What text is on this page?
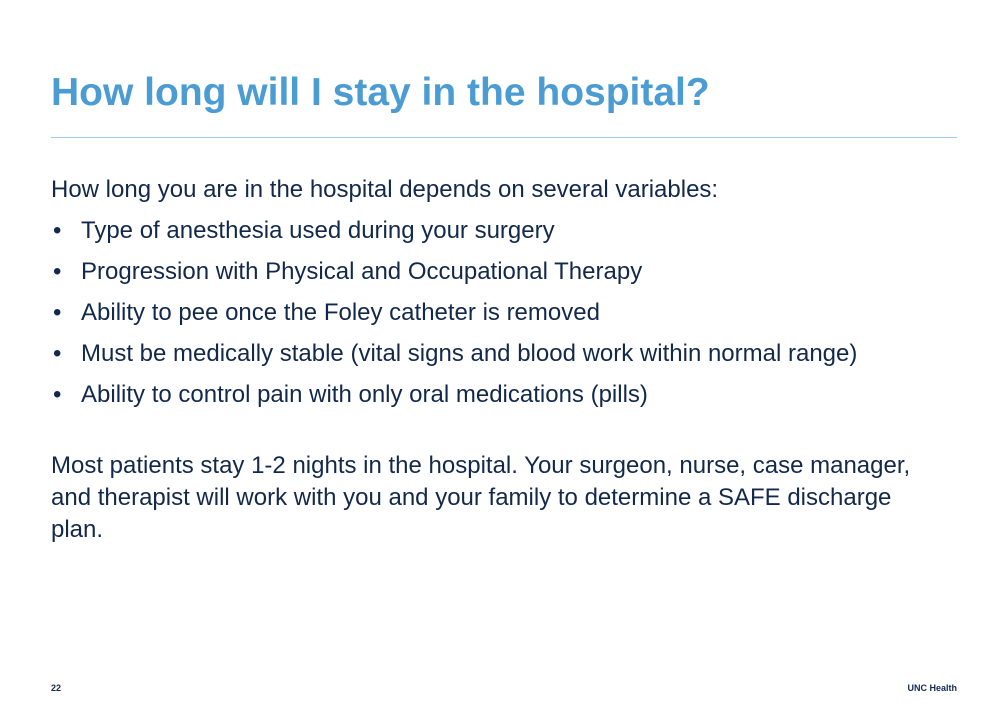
How long will I stay in the hospital?

How long you are in the hospital depends on several variables:

• Type of anesthesia used during your surgery
• Progression with Physical and Occupational Therapy
• Ability to pee once the Foley catheter is removed
• Must be medically stable (vital signs and blood work within normal range)
• Ability to control pain with only oral medications (pills)

Most patients stay 1-2 nights in the hospital. Your surgeon, nurse, case manager, and therapist will work with you and your family to determine a SAFE discharge plan.

22	UNC Health
